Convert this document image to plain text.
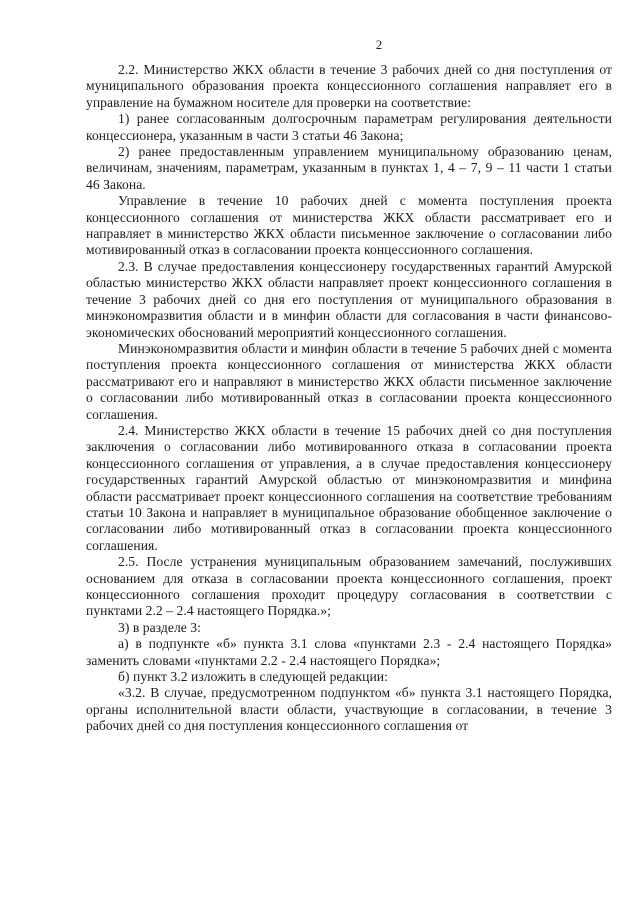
2

2.2. Министерство ЖКХ области в течение 3 рабочих дней со дня поступления от муниципального образования проекта концессионного соглашения направляет его в управление на бумажном носителе для проверки на соответствие:

1) ранее согласованным долгосрочным параметрам регулирования деятельности концессионера, указанным в части 3 статьи 46 Закона;

2) ранее предоставленным управлением муниципальному образованию ценам, величинам, значениям, параметрам, указанным в пунктах 1, 4 – 7, 9 – 11 части 1 статьи 46 Закона.

Управление в течение 10 рабочих дней с момента поступления проекта концессионного соглашения от министерства ЖКХ области рассматривает его и направляет в министерство ЖКХ области письменное заключение о согласовании либо мотивированный отказ в согласовании проекта концессионного соглашения.

2.3. В случае предоставления концессионеру государственных гарантий Амурской областью министерство ЖКХ области направляет проект концессионного соглашения в течение 3 рабочих дней со дня его поступления от муниципального образования в минэкономразвития области и в минфин области для согласования в части финансово-экономических обоснований мероприятий концессионного соглашения.

Минэкономразвития области и минфин области в течение 5 рабочих дней с момента поступления проекта концессионного соглашения от министерства ЖКХ области рассматривают его и направляют в министерство ЖКХ области письменное заключение о согласовании либо мотивированный отказ в согласовании проекта концессионного соглашения.

2.4. Министерство ЖКХ области в течение 15 рабочих дней со дня поступления заключения о согласовании либо мотивированного отказа в согласовании проекта концессионного соглашения от управления, а в случае предоставления концессионеру государственных гарантий Амурской областью от минэкономразвития и минфина области рассматривает проект концессионного соглашения на соответствие требованиям статьи 10 Закона и направляет в муниципальное образование обобщенное заключение о согласовании либо мотивированный отказ в согласовании проекта концессионного соглашения.

2.5. После устранения муниципальным образованием замечаний, послуживших основанием для отказа в согласовании проекта концессионного соглашения, проект концессионного соглашения проходит процедуру согласования в соответствии с пунктами 2.2 – 2.4 настоящего Порядка.»;

3) в разделе 3:

а) в подпункте «б» пункта 3.1 слова «пунктами 2.3 - 2.4 настоящего Порядка» заменить словами «пунктами 2.2 - 2.4 настоящего Порядка»;

б) пункт 3.2 изложить в следующей редакции:

«3.2. В случае, предусмотренном подпунктом «б» пункта 3.1 настоящего Порядка, органы исполнительной власти области, участвующие в согласовании, в течение 3 рабочих дней со дня поступления концессионного соглашения от
